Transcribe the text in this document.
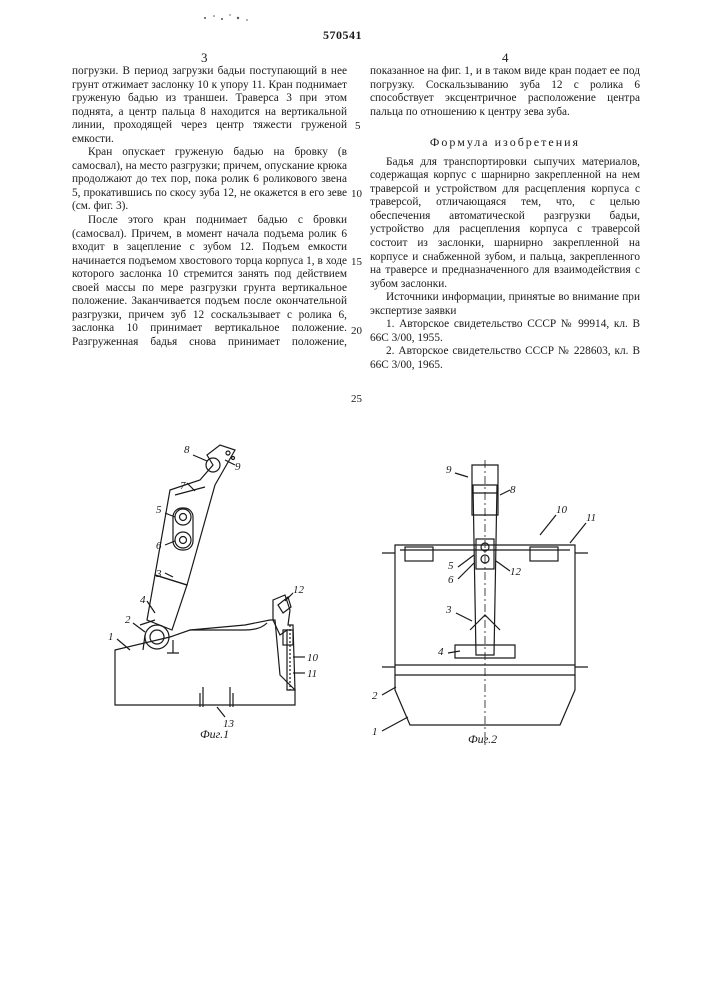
570541
3	4

погрузки. В период загрузки бадьи поступающий в нее грунт отжимает заслонку 10 к упору 11. Кран поднимает груженую бадью из траншеи. Траверса 3 при этом поднята, а центр пальца 8 находится на вертикальной линии, проходящей через центр тяжести груженой емкости.

Кран опускает груженую бадью на бровку (в самосвал), на место разгрузки; причем, опускание крюка продолжают до тех пор, пока ролик 6 роликового звена 5, прокатившись по скосу зуба 12, не окажется в его зеве (см. фиг. 3).

После этого кран поднимает бадью с бровки (самосвал). Причем, в момент начала подъема ролик 6 входит в зацепление с зубом 12. Подъем емкости начинается подъемом хвостового торца корпуса 1, в ходе которого заслонка 10 стремится занять под действием своей массы по мере разгрузки грунта вертикальное положение. Заканчивается подъем после окончательной разгрузки, причем зуб 12 соскальзывает с ролика 6, заслонка 10 принимает вертикальное положение. Разгруженная бадья снова принимает положение,

5
10
15
20
25

показанное на фиг. 1, и в таком виде кран подает ее под погрузку. Соскальзыванию зуба 12 с ролика 6 способствует эксцентричное расположение центра пальца по отношению к центру зева зуба.

Формула изобретения

Бадья для транспортировки сыпучих материалов, содержащая корпус с шарнирно закрепленной на нем траверсой и устройством для расцепления корпуса с траверсой, отличающаяся тем, что, с целью обеспечения автоматической разгрузки бадьи, устройство для расцепления корпуса с траверсой состоит из заслонки, шарнирно закрепленной на корпусе и снабженной зубом, и пальца, закрепленного на траверсе и предназначенного для взаимодействия с зубом заслонки.

Источники информации, принятые во внимание при экспертизе заявки

1. Авторское свидетельство СССР № 99914, кл. В 66С 3/00, 1955.

2. Авторское свидетельство СССР № 228603, кл. В 66С 3/00, 1965.

8
9
7
5
6
3
4
2
1
12
10
11
13
Фиг.1
9
8
10
11
5
6
12
3
4
2
1	Фиг.2
